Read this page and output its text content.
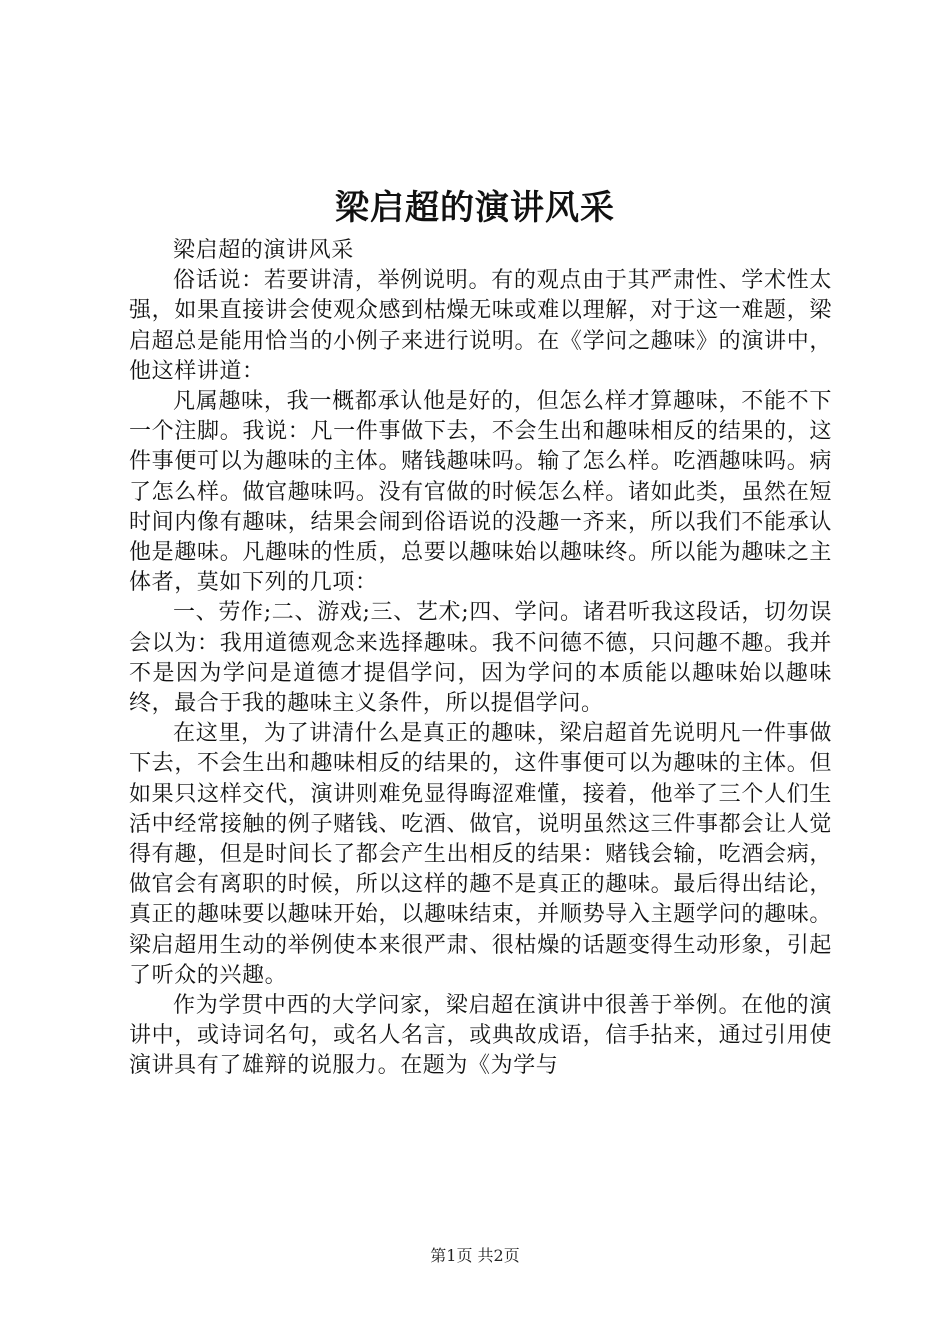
梁启超的演讲风采

梁启超的演讲风采

俗话说：若要讲清，举例说明。有的观点由于其严肃性、学术性太强，如果直接讲会使观众感到枯燥无味或难以理解，对于这一难题，梁启超总是能用恰当的小例子来进行说明。在《学问之趣味》的演讲中，他这样讲道：

凡属趣味，我一概都承认他是好的，但怎么样才算趣味，不能不下一个注脚。我说：凡一件事做下去，不会生出和趣味相反的结果的，这件事便可以为趣味的主体。赌钱趣味吗。输了怎么样。吃酒趣味吗。病了怎么样。做官趣味吗。没有官做的时候怎么样。诸如此类，虽然在短时间内像有趣味，结果会闹到俗语说的没趣一齐来，所以我们不能承认他是趣味。凡趣味的性质，总要以趣味始以趣味终。所以能为趣味之主体者，莫如下列的几项：

一、劳作;二、游戏;三、艺术;四、学问。诸君听我这段话，切勿误会以为：我用道德观念来选择趣味。我不问德不德，只问趣不趣。我并不是因为学问是道德才提倡学问，因为学问的本质能以趣味始以趣味终，最合于我的趣味主义条件，所以提倡学问。

在这里，为了讲清什么是真正的趣味，梁启超首先说明凡一件事做下去，不会生出和趣味相反的结果的，这件事便可以为趣味的主体。但如果只这样交代，演讲则难免显得晦涩难懂，接着，他举了三个人们生活中经常接触的例子赌钱、吃酒、做官，说明虽然这三件事都会让人觉得有趣，但是时间长了都会产生出相反的结果：赌钱会输，吃酒会病，做官会有离职的时候，所以这样的趣不是真正的趣味。最后得出结论，真正的趣味要以趣味开始，以趣味结束，并顺势导入主题学问的趣味。梁启超用生动的举例使本来很严肃、很枯燥的话题变得生动形象，引起了听众的兴趣。

作为学贯中西的大学问家，梁启超在演讲中很善于举例。在他的演讲中，或诗词名句，或名人名言，或典故成语，信手拈来，通过引用使演讲具有了雄辩的说服力。在题为《为学与

第1页 共2页
